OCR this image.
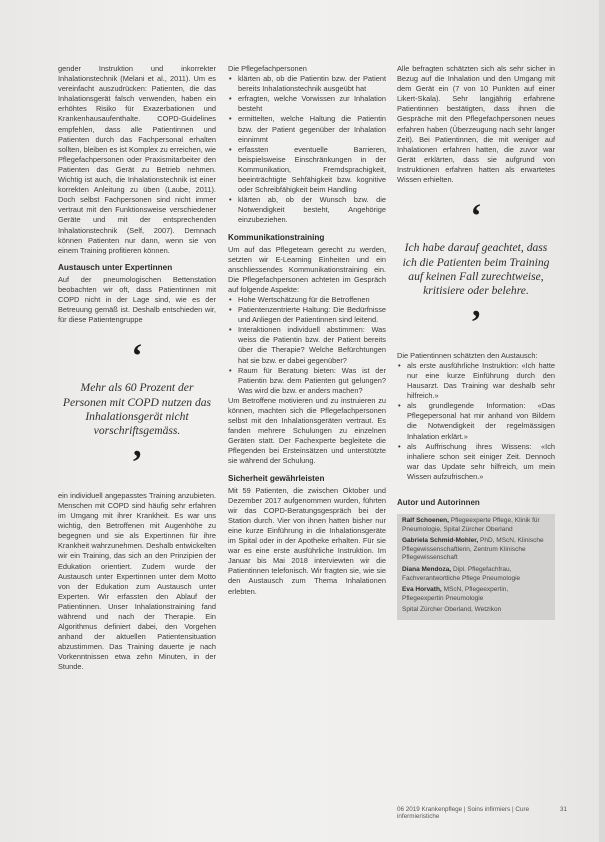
gender Instruktion und inkorrekter Inhalationstechnik (Melani et al., 2011). Um es vereinfacht auszudrücken: Patienten, die das Inhalationsgerät falsch verwenden, haben ein erhöhtes Risiko für Exazerbationen und Krankenhausaufenthalte. COPD-Guidelines empfehlen, dass alle Patientinnen und Patienten durch das Fachpersonal erhalten sollten, bleiben es ist Komplex zu erreichen, wie Pflegefachpersonen oder Praxismitarbeiter den Patienten das Gerät zu Betrieb nehmen. Wichtig ist auch, die Inhalationstechnik ist einer korrekten Anleitung zu üben (Laube, 2011). Doch selbst Fachpersonen sind nicht immer vertraut mit den Funktionsweise verschiedener Geräte und mit der entsprechenden Inhalationstechnik (Self, 2007). Demnach können Patienten nur dann, wenn sie von einem Training profitieren können.

Austausch unter Expertinnen

Auf der pneumologischen Bettenstation beobachten wir oft, dass Patientinnen mit COPD nicht in der Lage sind, wie es der Betreuung gemäß ist. Deshalb entschieden wir, für diese Patientengruppe

‘
Mehr als 60 Prozent der Personen mit COPD nutzen das Inhalationsgerät nicht vorschriftsgemäss.
’

ein individuell angepasstes Training anzubieten. Menschen mit COPD sind häufig sehr erfahren im Umgang mit ihrer Krankheit. Es war uns wichtig, den Betroffenen mit Augenhöhe zu begegnen und sie als Expertinnen für ihre Krankheit wahrzunehmen. Deshalb entwickelten wir ein Training, das sich an den Prinzipien der Edukation orientiert. Zudem wurde der Austausch unter Expertinnen unter dem Motto von der Edukation zum Austausch unter Experten. Wir erfassten den Ablauf der Patientinnen. Unser Inhalationstraining fand während und nach der Therapie. Ein Algorithmus definiert dabei, den Vorgehen anhand der aktuellen Patientensituation abzustimmen. Das Training dauerte je nach Vorkenntnissen etwa zehn Minuten, in der Stunde.

Die Pflegefachpersonen

• klärten ab, ob die Patientin bzw. der Patient bereits Inhalationstechnik ausgeübt hat
• erfragten, welche Vorwissen zur Inhalation besteht
• ermittelten, welche Haltung die Patientin bzw. der Patient gegenüber der Inhalation einnimmt
• erfassten eventuelle Barrieren, beispielsweise Einschränkungen in der Kommunikation, Fremdsprachigkeit, beeinträchtigte Sehfähigkeit bzw. kognitive oder Schreibfähigkeit beim Handling
• klärten ab, ob der Wunsch bzw. die Notwendigkeit besteht, Angehörige einzubeziehen.
Kommunikationstraining

Um auf das Pflegeteam gerecht zu werden, setzten wir E-Learning Einheiten und ein anschliessendes Kommunikationstraining ein. Die Pflegefachpersonen achteten im Gespräch auf folgende Aspekte:

• Hohe Wertschätzung für die Betroffenen
• Patientenzentrierte Haltung: Die Bedürfnisse und Anliegen der Patientinnen sind leitend.
• Interaktionen individuell abstimmen: Was weiss die Patientin bzw. der Patient bereits über die Therapie? Welche Befürchtungen hat sie bzw. er dabei gegenüber?
• Raum für Beratung bieten: Was ist der Patientin bzw. dem Patienten gut gelungen? Was wird die bzw. er anders machen?

Um Betroffene motivieren und zu instruieren zu können, machten sich die Pflegefachpersonen selbst mit den Inhalationsgeräten vertraut. Es fanden mehrere Schulungen zu einzelnen Geräten statt. Der Fachexperte begleitete die Pflegenden bei Ersteinsätzen und unterstützte sie während der Schulung.

Sicherheit gewährleisten

Mit 59 Patienten, die zwischen Oktober und Dezember 2017 aufgenommen wurden, führten wir das COPD-Beratungsgespräch bei der Station durch. Vier von ihnen hatten bisher nur eine kurze Einführung in die Inhalationsgeräte im Spital oder in der Apotheke erhalten. Für sie war es eine erste ausführliche Instruktion. Im Januar bis Mai 2018 interviewten wir die Patientinnen telefonisch. Wir fragten sie, wie sie den Austausch zum Thema Inhalationen erlebten.

Alle befragten schätzten sich als sehr sicher in Bezug auf die Inhalation und den Umgang mit dem Gerät ein (7 von 10 Punkten auf einer Likert-Skala). Sehr langjährig erfahrene Patientinnen bestätigten, dass ihnen die Gespräche mit den Pflegefachpersonen neues erfahren haben (Überzeugung nach sehr langer Zeit). Bei Patientinnen, die mit weniger auf Inhalationen erfahren hatten, die zuvor war Gerät erklärten, dass sie aufgrund von Instruktionen erfahren hatten als erwartetes Wissen erhielten.

‘
Ich habe darauf geachtet, dass ich die Patienten beim Training auf keinen Fall zurechtweise, kritisiere oder belehre.
’

Die Patientinnen schätzten den Austausch:

• als erste ausführliche Instruktion: «Ich hatte nur eine kurze Einführung durch den Hausarzt. Das Training war deshalb sehr hilfreich.»
• als grundlegende Information: «Das Pflegepersonal hat mir anhand von Bildern die Notwendigkeit der regelmässigen Inhalation erklärt.»
• als Auffrischung ihres Wissens: «Ich inhaliere schon seit einiger Zeit. Dennoch war das Update sehr hilfreich, um mein Wissen aufzufrischen.»
Autor und Autorinnen
Ralf Schoenen, Pflegeexperte Pflege, Klinik für Pneumologie, Spital Zürcher Oberland
Gabriela Schmid-Mohler, PhD, MScN, Klinische Pflegewissenschaftlerin, Zentrum Klinische Pflegewissenschaft
Diana Mendoza, Dipl. Pflegefachfrau, Fachverantwortliche Pflege Pneumologie
Eva Horvath, MScN, Pflegeexpertin, Pflegeexpertin Pneumologie
Spital Zürcher Oberland, Wetzikon
06 2019 Krankenpflege | Soins infirmiers | Cure infermieristiche
31
